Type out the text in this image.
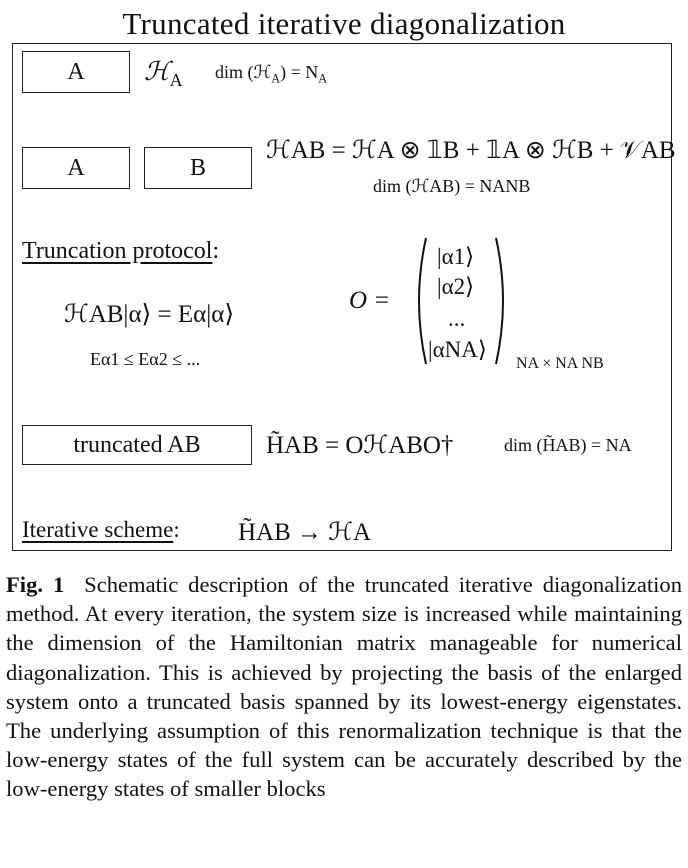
Truncated iterative diagonalization
A	ℋ$_A$ dim (ℋ$_A$) = $N_A$
A	B
ℋAB = ℋA ⊗ 𝟙B + 𝟙A ⊗ ℋB + 𝒱AB
dim (ℋAB) = NANB
Truncation protocol:
ℋAB|α⟩ = Eα|α⟩
Eα1 ≤ Eα2 ≤ ...
O =
|α1⟩
|α2⟩
...
|αNA⟩
NA × NA NB
truncated AB	H̃AB = OℋABO†	dim (H̃AB) = NA
Iterative scheme: H̃AB → ℋA
Fig. 1 Schematic description of the truncated iterative diagonalization method. At every iteration, the system size is increased while maintaining the dimension of the Hamiltonian matrix manageable for numerical diagonalization. This is achieved by projecting the basis of the enlarged system onto a truncated basis spanned by its lowest-energy eigenstates. The underlying assumption of this renormalization technique is that the low-energy states of the full system can be accurately described by the low-energy states of smaller blocks
